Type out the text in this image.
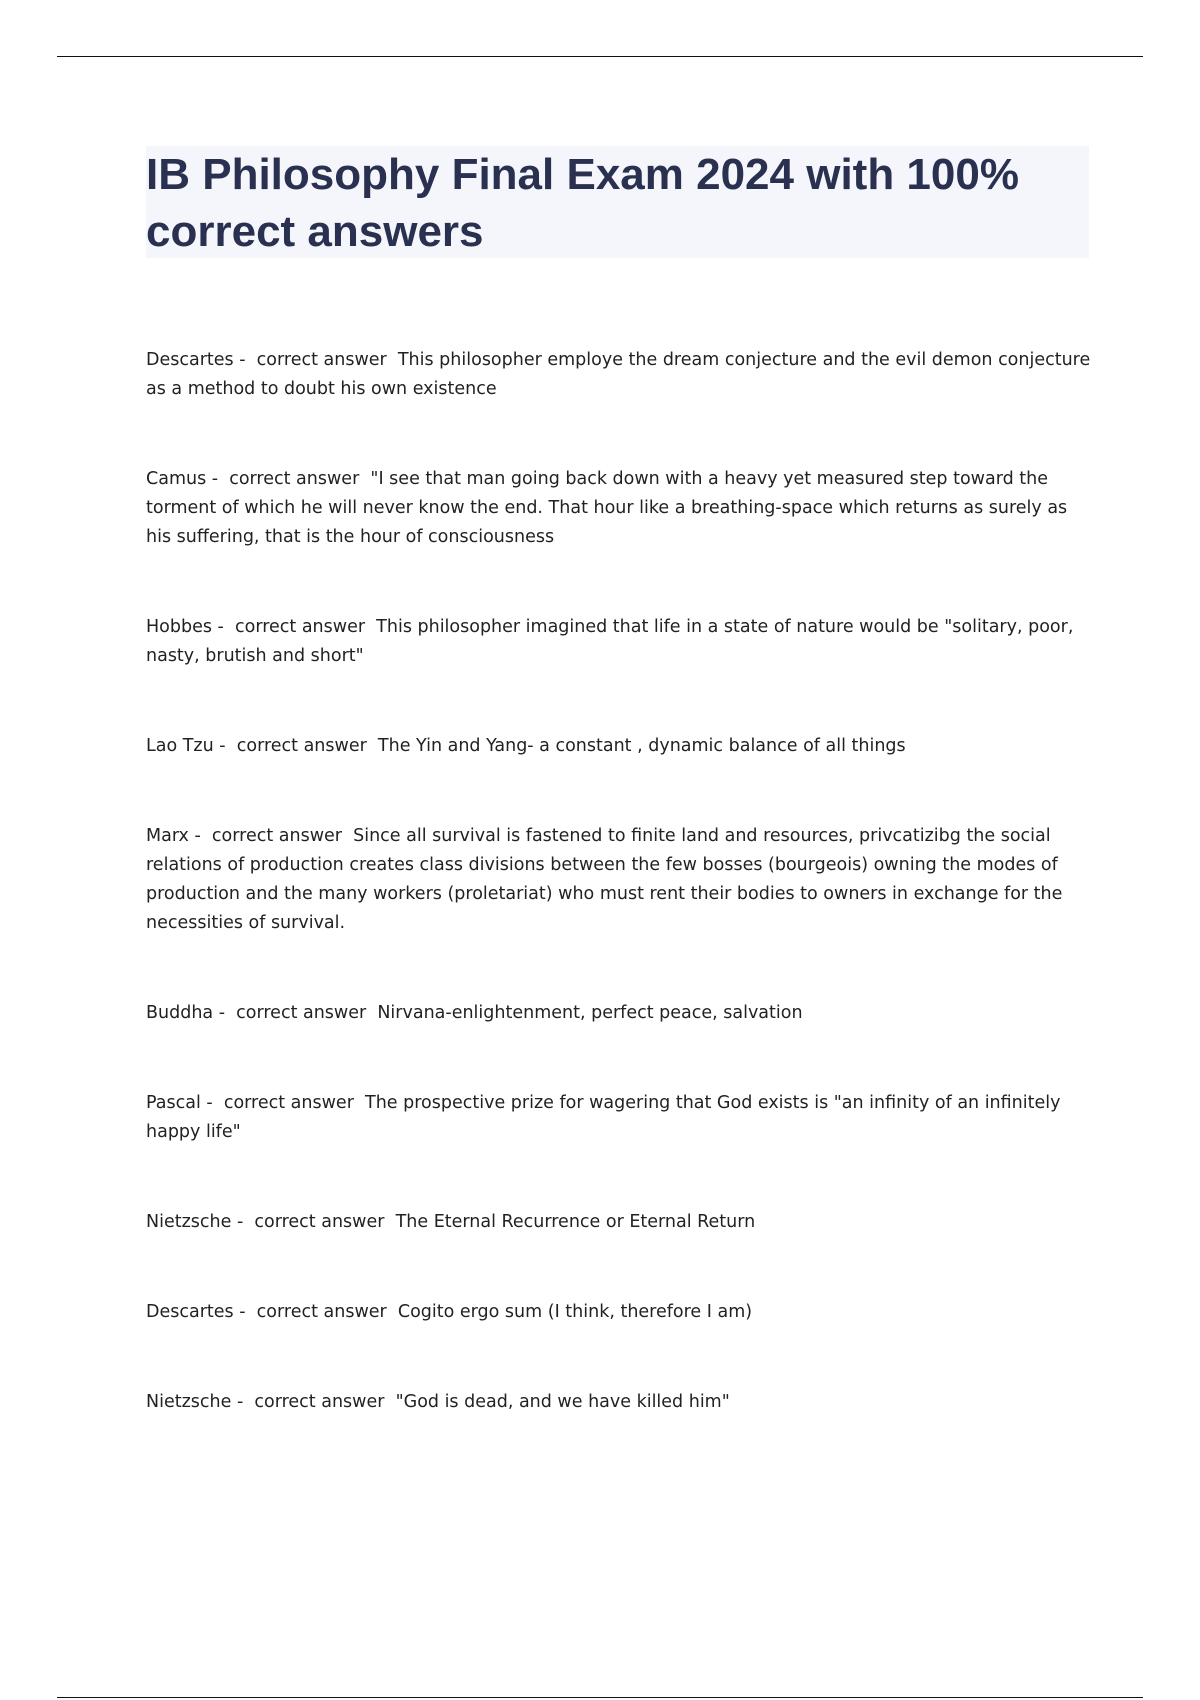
IB Philosophy Final Exam 2024 with 100% correct answers

Descartes -  correct answer This philosopher employe the dream conjecture and the evil demon conjecture as a method to doubt his own existence

Camus -  correct answer "I see that man going back down with a heavy yet measured step toward the torment of which he will never know the end. That hour like a breathing-space which returns as surely as his suffering, that is the hour of consciousness

Hobbes -  correct answer This philosopher imagined that life in a state of nature would be "solitary, poor, nasty, brutish and short"

Lao Tzu -  correct answer The Yin and Yang- a constant , dynamic balance of all things

Marx -  correct answer Since all survival is fastened to finite land and resources, privcatizibg the social relations of production creates class divisions between the few bosses (bourgeois) owning the modes of production and the many workers (proletariat) who must rent their bodies to owners in exchange for the necessities of survival.

Buddha -  correct answer Nirvana-enlightenment, perfect peace, salvation

Pascal -  correct answer The prospective prize for wagering that God exists is "an infinity of an infinitely happy life"

Nietzsche -  correct answer The Eternal Recurrence or Eternal Return

Descartes -  correct answer Cogito ergo sum (I think, therefore I am)

Nietzsche -  correct answer "God is dead, and we have killed him"
